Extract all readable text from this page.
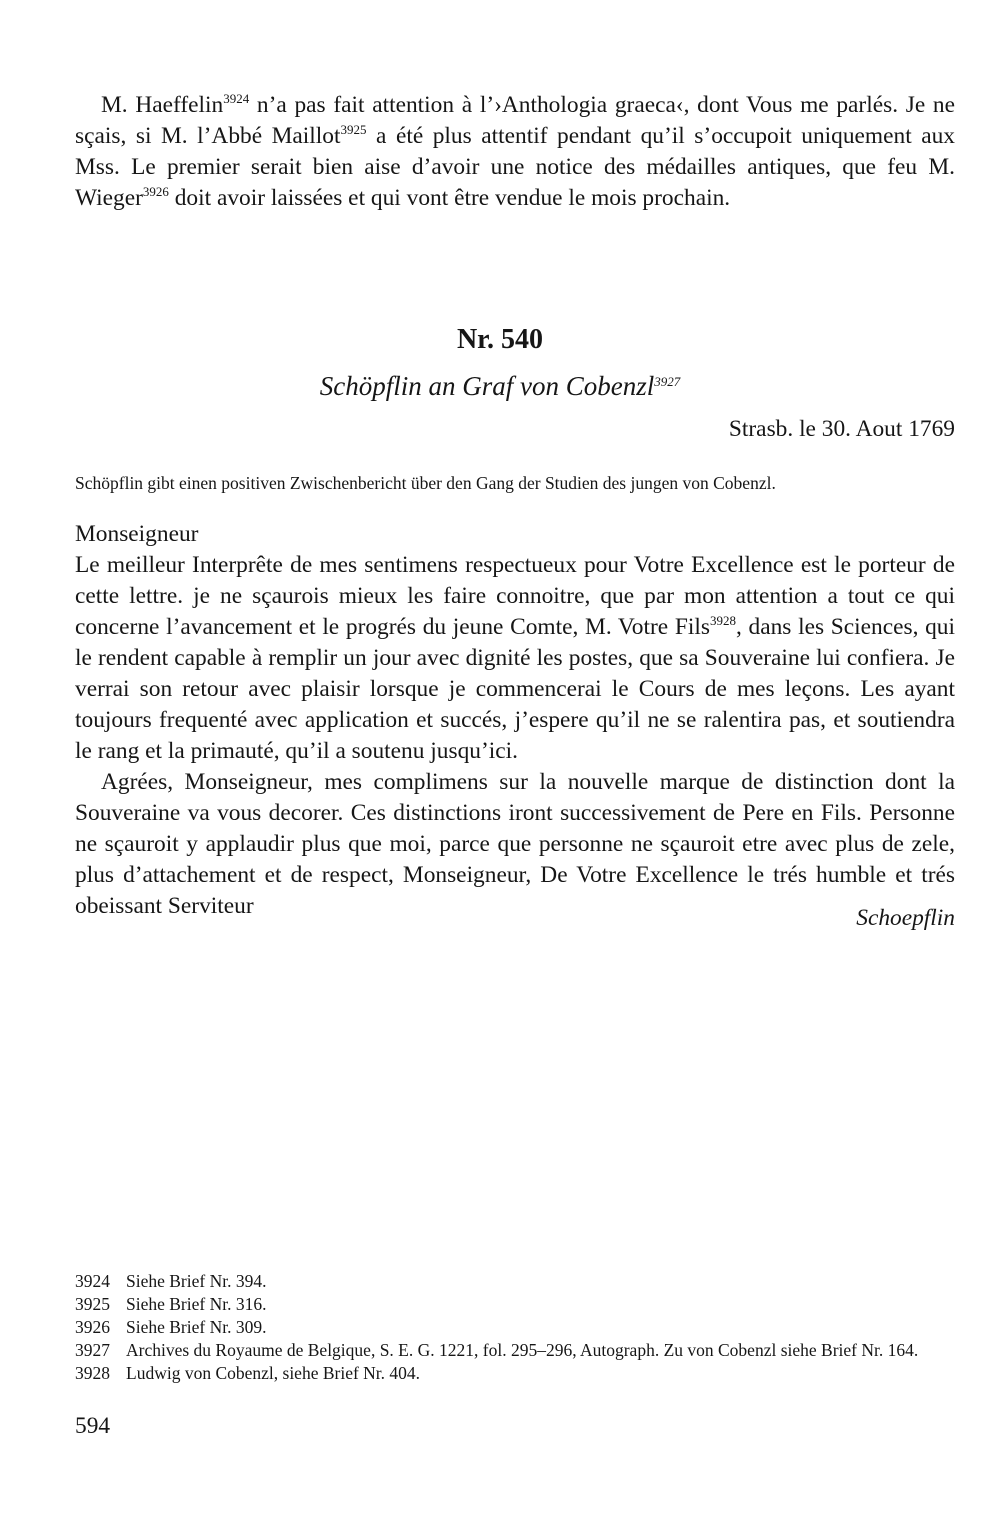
M. Haeffelin$^{3924}$ n’a pas fait attention à l’›Anthologia graeca‹, dont Vous me parlés. Je ne sçais, si M. l’Abbé Maillot$^{3925}$ a été plus attentif pendant qu’il s’occupoit uniquement aux Mss. Le premier serait bien aise d’avoir une notice des médailles antiques, que feu M. Wieger$^{3926}$ doit avoir laissées et qui vont être vendue le mois prochain.

Nr. 540
Schöpflin an Graf von Cobenzl$^{3927}$
Strasb. le 30. Aout 1769
Schöpflin gibt einen positiven Zwischenbericht über den Gang der Studien des jungen von Cobenzl.

Monseigneur

Le meilleur Interprête de mes sentimens respectueux pour Votre Excellence est le porteur de cette lettre. je ne sçaurois mieux les faire connoitre, que par mon attention a tout ce qui concerne l’avancement et le progrés du jeune Comte, M. Votre Fils$^{3928}$, dans les Sciences, qui le rendent capable à remplir un jour avec dignité les postes, que sa Souveraine lui confiera. Je verrai son retour avec plaisir lorsque je commencerai le Cours de mes leçons. Les ayant toujours frequenté avec application et succés, j’espere qu’il ne se ralentira pas, et soutiendra le rang et la primauté, qu’il a soutenu jusqu’ici.

Agrées, Monseigneur, mes complimens sur la nouvelle marque de distinction dont la Souveraine va vous decorer. Ces distinctions iront successivement de Pere en Fils. Personne ne sçauroit y applaudir plus que moi, parce que personne ne sçauroit etre avec plus de zele, plus d’attachement et de respect, Monseigneur, De Votre Excellence le trés humble et trés obeissant Serviteur	Schoepflin
3924 Siehe Brief Nr. 394.
3925 Siehe Brief Nr. 316.
3926 Siehe Brief Nr. 309.
3927 Archives du Royaume de Belgique, S. E. G. 1221, fol. 295–296, Autograph. Zu von Cobenzl siehe Brief Nr. 164.
3928 Ludwig von Cobenzl, siehe Brief Nr. 404.
594
